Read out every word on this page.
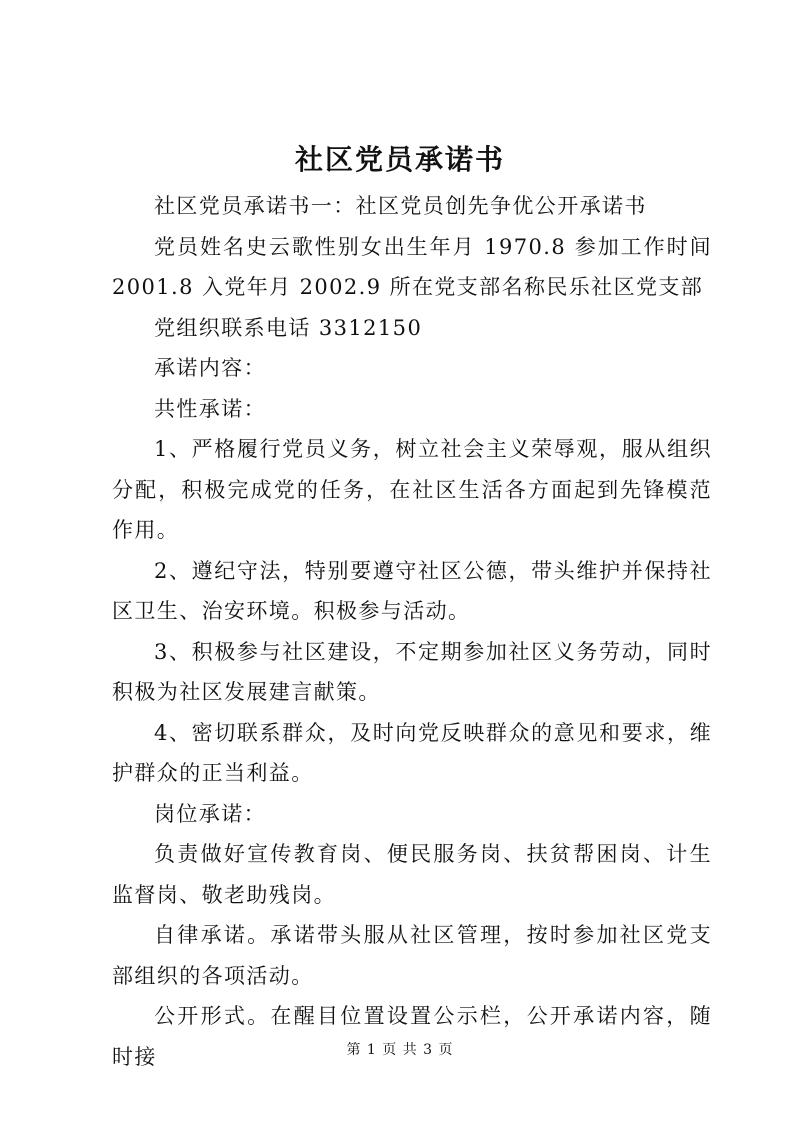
社区党员承诺书

社区党员承诺书一：社区党员创先争优公开承诺书

党员姓名史云歌性别女出生年月 1970.8 参加工作时间 2001.8 入党年月 2002.9 所在党支部名称民乐社区党支部

党组织联系电话 3312150

承诺内容：

共性承诺：

1、严格履行党员义务，树立社会主义荣辱观，服从组织分配，积极完成党的任务，在社区生活各方面起到先锋模范作用。

2、遵纪守法，特别要遵守社区公德，带头维护并保持社区卫生、治安环境。积极参与活动。

3、积极参与社区建设，不定期参加社区义务劳动，同时积极为社区发展建言献策。

4、密切联系群众，及时向党反映群众的意见和要求，维护群众的正当利益。

岗位承诺：

负责做好宣传教育岗、便民服务岗、扶贫帮困岗、计生监督岗、敬老助残岗。

自律承诺。承诺带头服从社区管理，按时参加社区党支部组织的各项活动。

公开形式。在醒目位置设置公示栏，公开承诺内容，随时接	第 1 页 共 3 页
